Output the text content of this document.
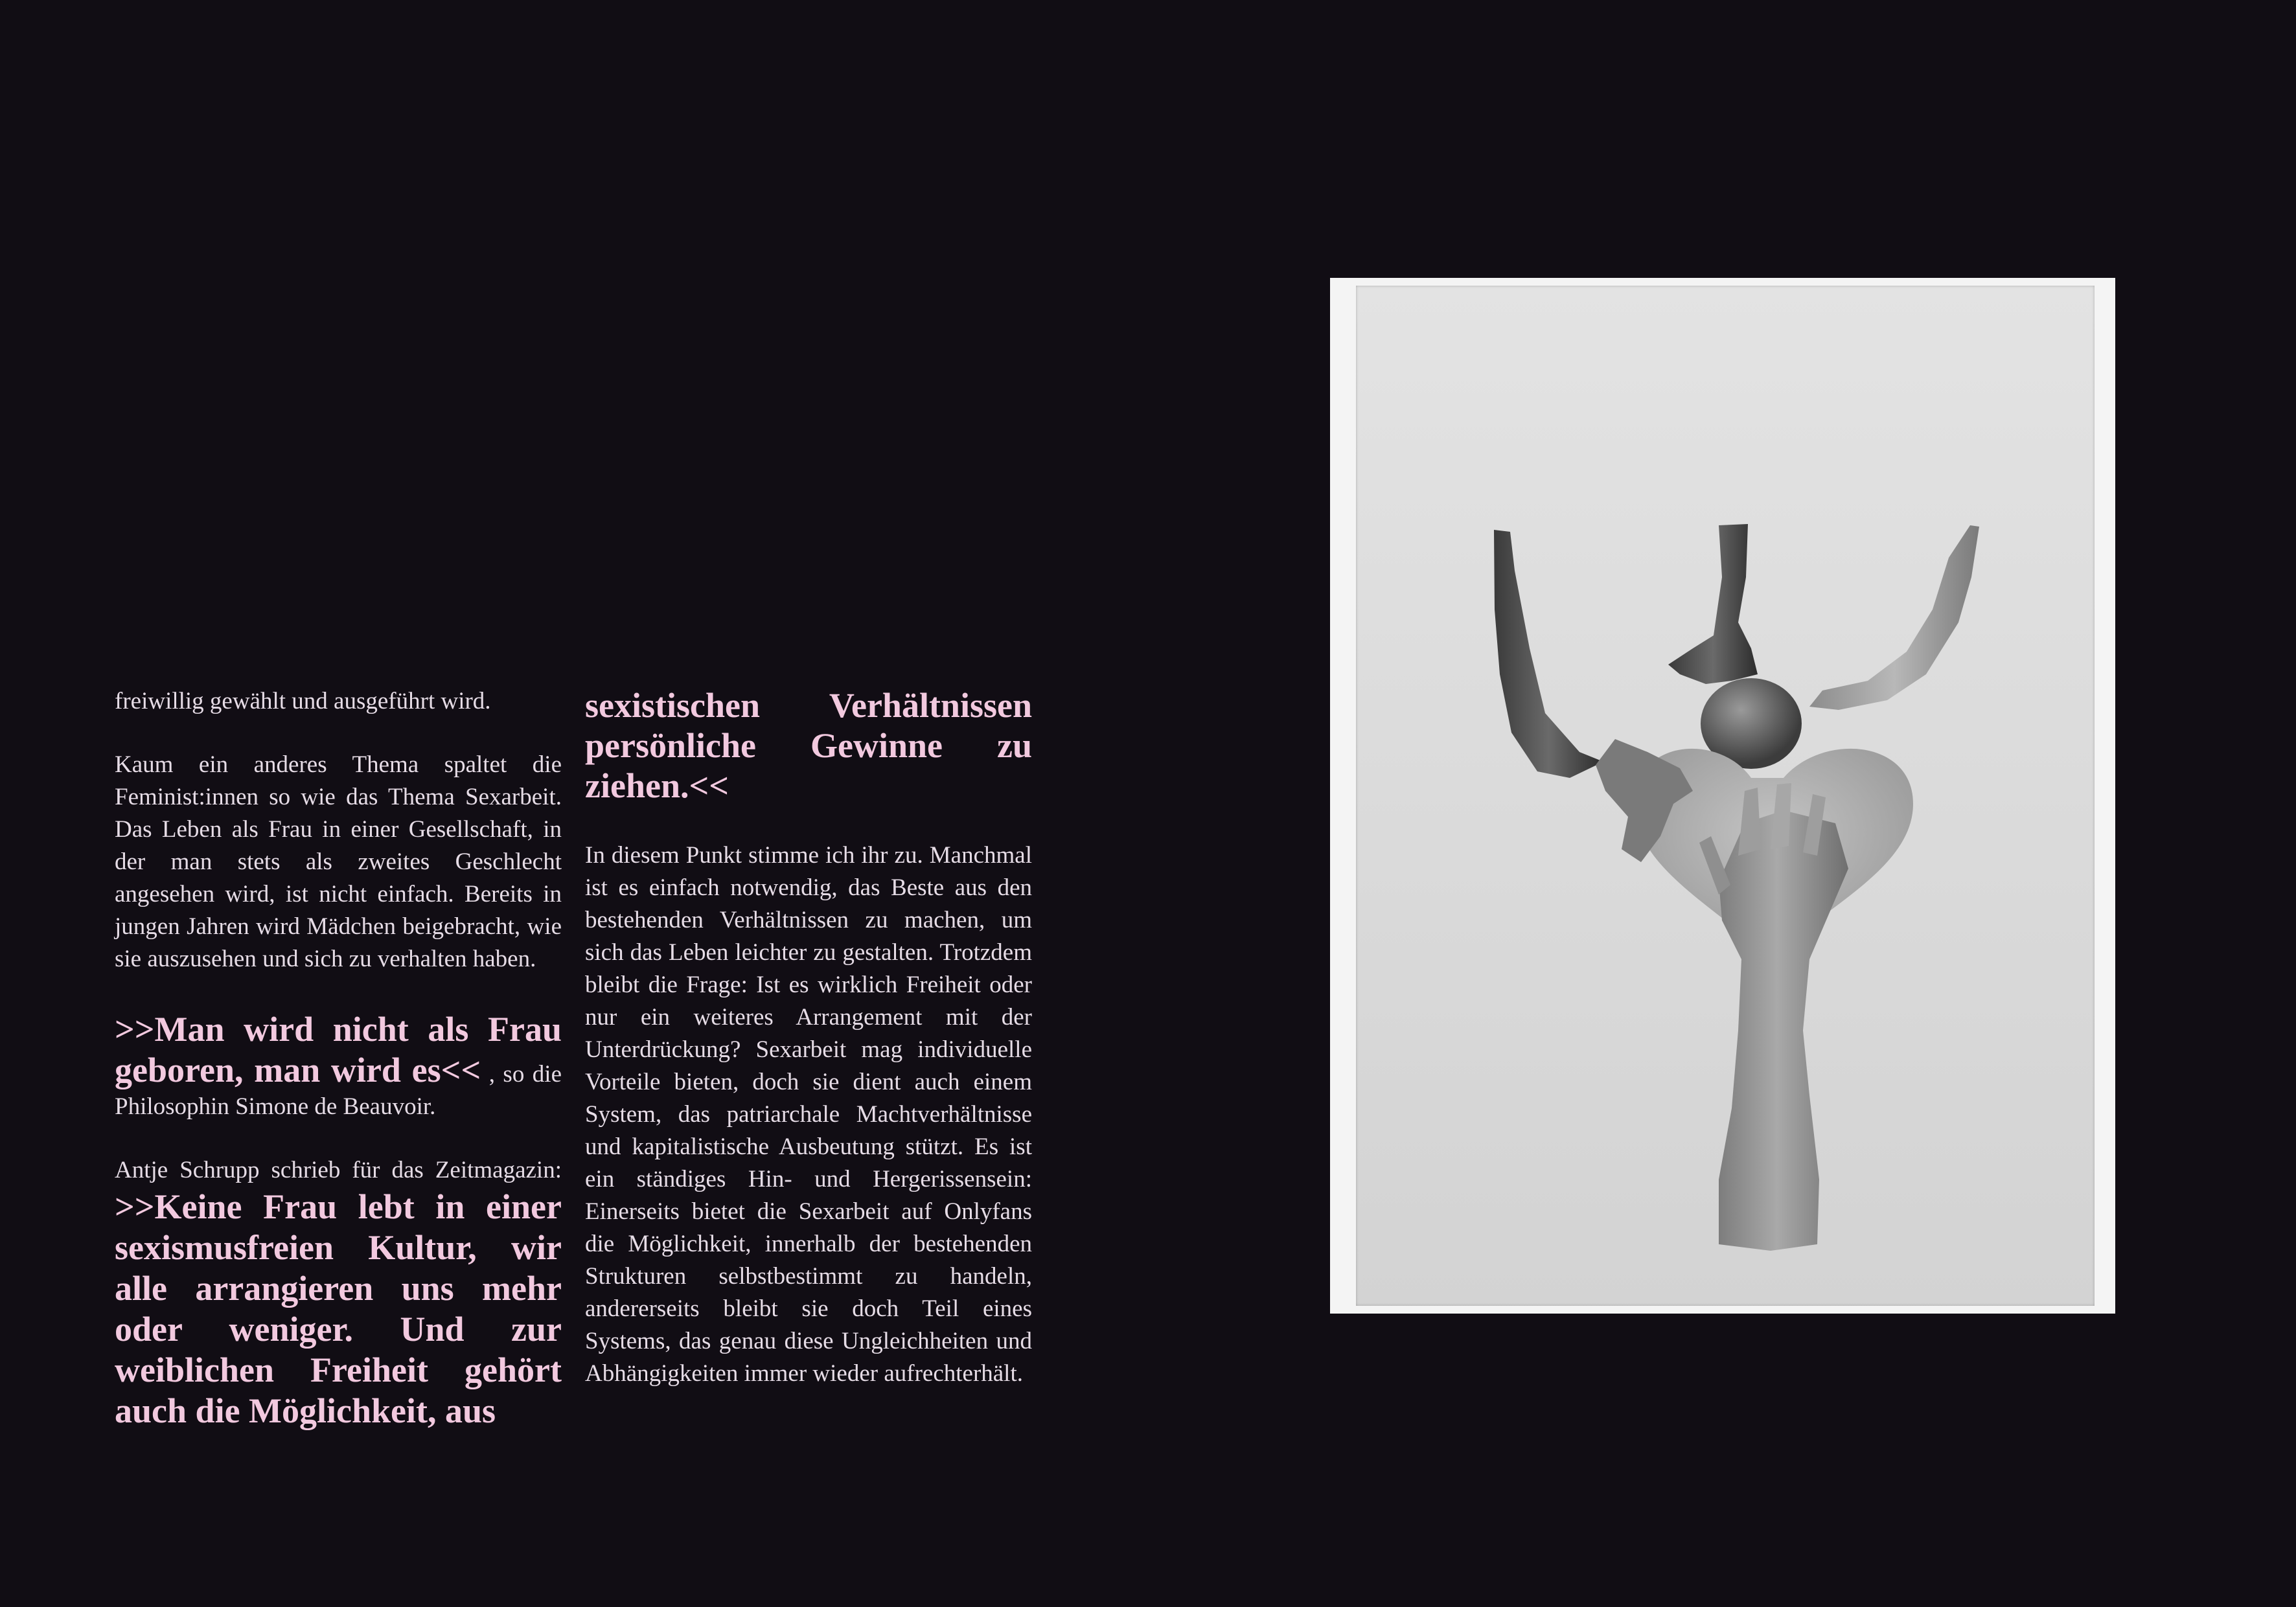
freiwillig gewählt und ausgeführt wird.

Kaum ein anderes Thema spaltet die Feminist:innen so wie das Thema Sexarbeit. Das Leben als Frau in einer Gesellschaft, in der man stets als zweites Geschlecht angesehen wird, ist nicht einfach. Bereits in jungen Jahren wird Mädchen beigebracht, wie sie auszusehen und sich zu verhalten haben.

>>Man wird nicht als Frau geboren, man wird es<< , so die Philosophin Simone de Beauvoir.

Antje Schrupp schrieb für das Zeitmagazin: >>Keine Frau lebt in einer sexismusfreien Kultur, wir alle arrangieren uns mehr oder weniger. Und zur weiblichen Freiheit gehört auch die Möglichkeit, aus

sexistischen Verhältnissen persönliche Gewinne zu ziehen.<<

In diesem Punkt stimme ich ihr zu. Manchmal ist es einfach notwendig, das Beste aus den bestehenden Verhältnissen zu machen, um sich das Leben leichter zu gestalten. Trotzdem bleibt die Frage: Ist es wirklich Freiheit oder nur ein weiteres Arrangement mit der Unterdrückung? Sexarbeit mag individuelle Vorteile bieten, doch sie dient auch einem System, das patriarchale Machtverhältnisse und kapitalistische Ausbeutung stützt. Es ist ein ständiges Hin- und Hergerissensein: Einerseits bietet die Sexarbeit auf Onlyfans die Möglichkeit, innerhalb der bestehenden Strukturen selbstbestimmt zu handeln, andererseits bleibt sie doch Teil eines Systems, das genau diese Ungleichheiten und Abhängigkeiten immer wieder aufrechterhält.
